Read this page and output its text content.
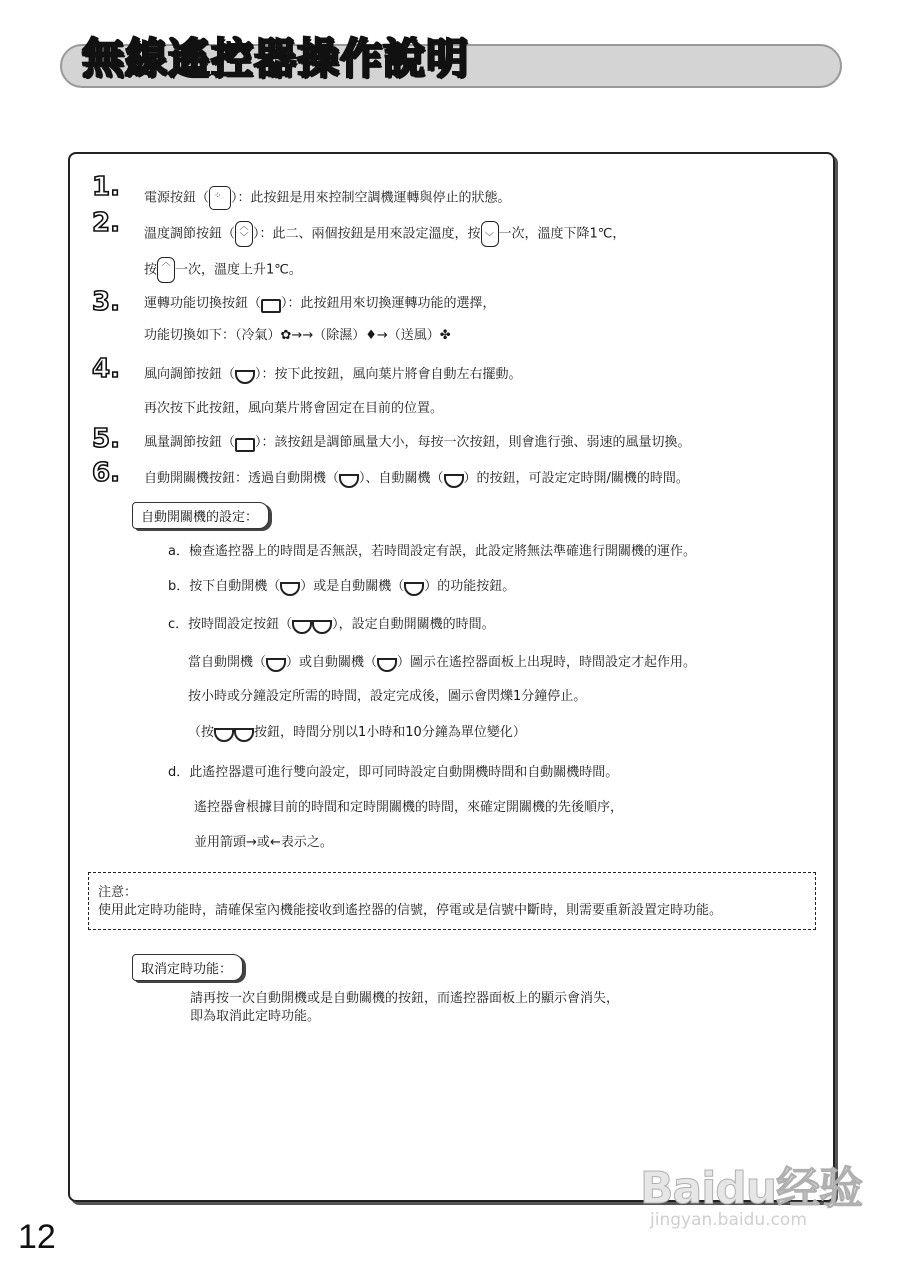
無線遙控器操作說明
1. 電源按鈕（ ⁘ ）：此按鈕是用來控制空調機運轉與停止的狀態。
2. 溫度調節按鈕（ ︿
﹀ ）：此二、兩個按鈕是用來設定溫度，按 ﹀ 一次，溫度下降1℃，
按 ︿ 一次，溫度上升1℃。
3. 運轉功能切換按鈕（ ）：此按鈕用來切換運轉功能的選擇，
功能切換如下：（冷氣）✿→→（除濕）♦→（送風）✤
4. 風向調節按鈕（ ）：按下此按鈕，風向葉片將會自動左右擺動。
再次按下此按鈕，風向葉片將會固定在目前的位置。
5. 風量調節按鈕（ ）：該按鈕是調節風量大小，每按一次按鈕，則會進行強、弱速的風量切換。
6. 自動開關機按鈕：透過自動開機（ ）、自動關機（ ）的按鈕，可設定定時開/關機的時間。
自動開關機的設定：
a．檢查遙控器上的時間是否無誤，若時間設定有誤，此設定將無法準確進行開關機的運作。
b．按下自動開機（ ）或是自動關機（ ）的功能按鈕。
c．按時間設定按鈕（	），設定自動開關機的時間。
當自動開機（ ）或自動關機（ ）圖示在遙控器面板上出現時，時間設定才起作用。
按小時或分鐘設定所需的時間，設定完成後，圖示會閃爍1分鐘停止。
（按	按鈕，時間分別以1小時和10分鐘為單位變化）
d．此遙控器還可進行雙向設定，即可同時設定自動開機時間和自動關機時間。
遙控器會根據目前的時間和定時開關機的時間，來確定開關機的先後順序，
並用箭頭→或←表示之。
注意：
使用此定時功能時，請確保室內機能接收到遙控器的信號，停電或是信號中斷時，則需要重新設置定時功能。
取消定時功能：
請再按一次自動開機或是自動關機的按鈕，而遙控器面板上的顯示會消失，
即為取消此定時功能。
12
Baidu经验
jingyan.baidu.com
